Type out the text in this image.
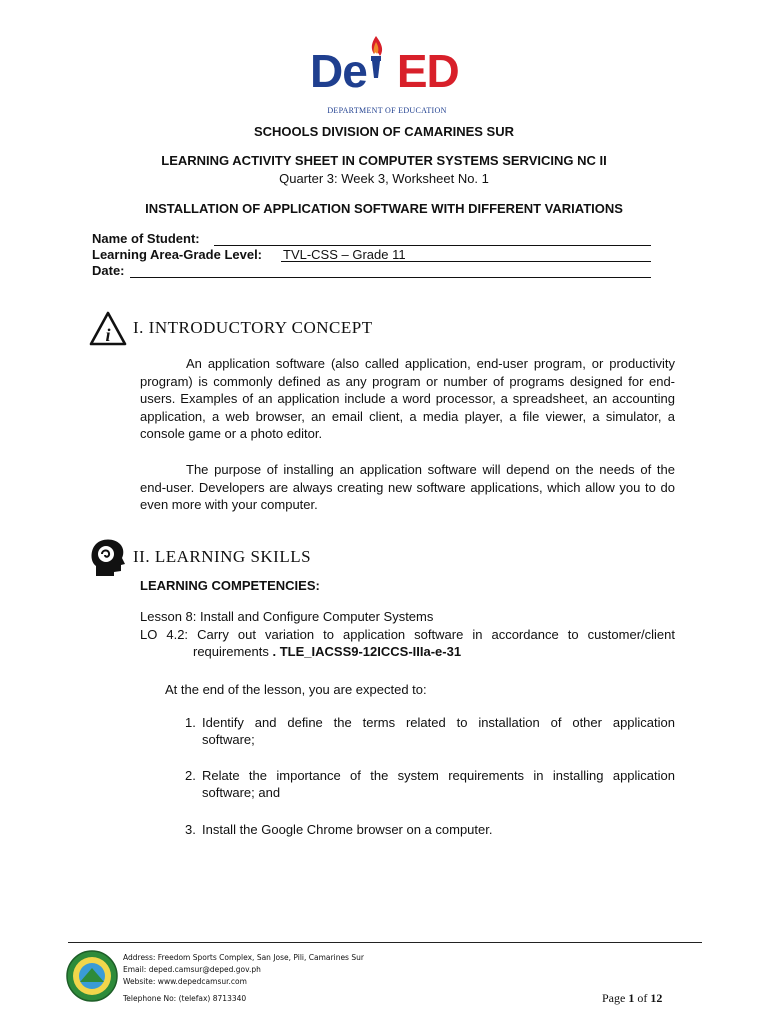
De ED
DEPARTMENT OF EDUCATION
SCHOOLS DIVISION OF CAMARINES SUR
LEARNING ACTIVITY SHEET IN COMPUTER SYSTEMS SERVICING NC II
Quarter 3: Week 3, Worksheet No. 1
INSTALLATION OF APPLICATION SOFTWARE WITH DIFFERENT VARIATIONS
Name of Student:
Learning Area-Grade Level: TVL-CSS – Grade 11
Date:
i I. INTRODUCTORY CONCEPT
An application software (also called application, end-user program, or productivity program) is commonly defined as any program or number of programs designed for end-users. Examples of an application include a word processor, a spreadsheet, an accounting application, a web browser, an email client, a media player, a file viewer, a simulator, a console game or a photo editor.
The purpose of installing an application software will depend on the needs of the end-user. Developers are always creating new software applications, which allow you to do even more with your computer.
II. LEARNING SKILLS
LEARNING COMPETENCIES:
Lesson 8: Install and Configure Computer Systems
LO 4.2: Carry out variation to application software in accordance to customer/client
requirements . TLE_IACSS9-12ICCS-IIIa-e-31
At the end of the lesson, you are expected to:
1. Identify and define the terms related to installation of other application
software;
2. Relate the importance of the system requirements in installing application
software; and
3. Install the Google Chrome browser on a computer.
Address: Freedom Sports Complex, San Jose, Pili, Camarines Sur
Email: deped.camsur@deped.gov.ph
Website: www.depedcamsur.com
Telephone No: (telefax) 8713340	Page 1 of 12
